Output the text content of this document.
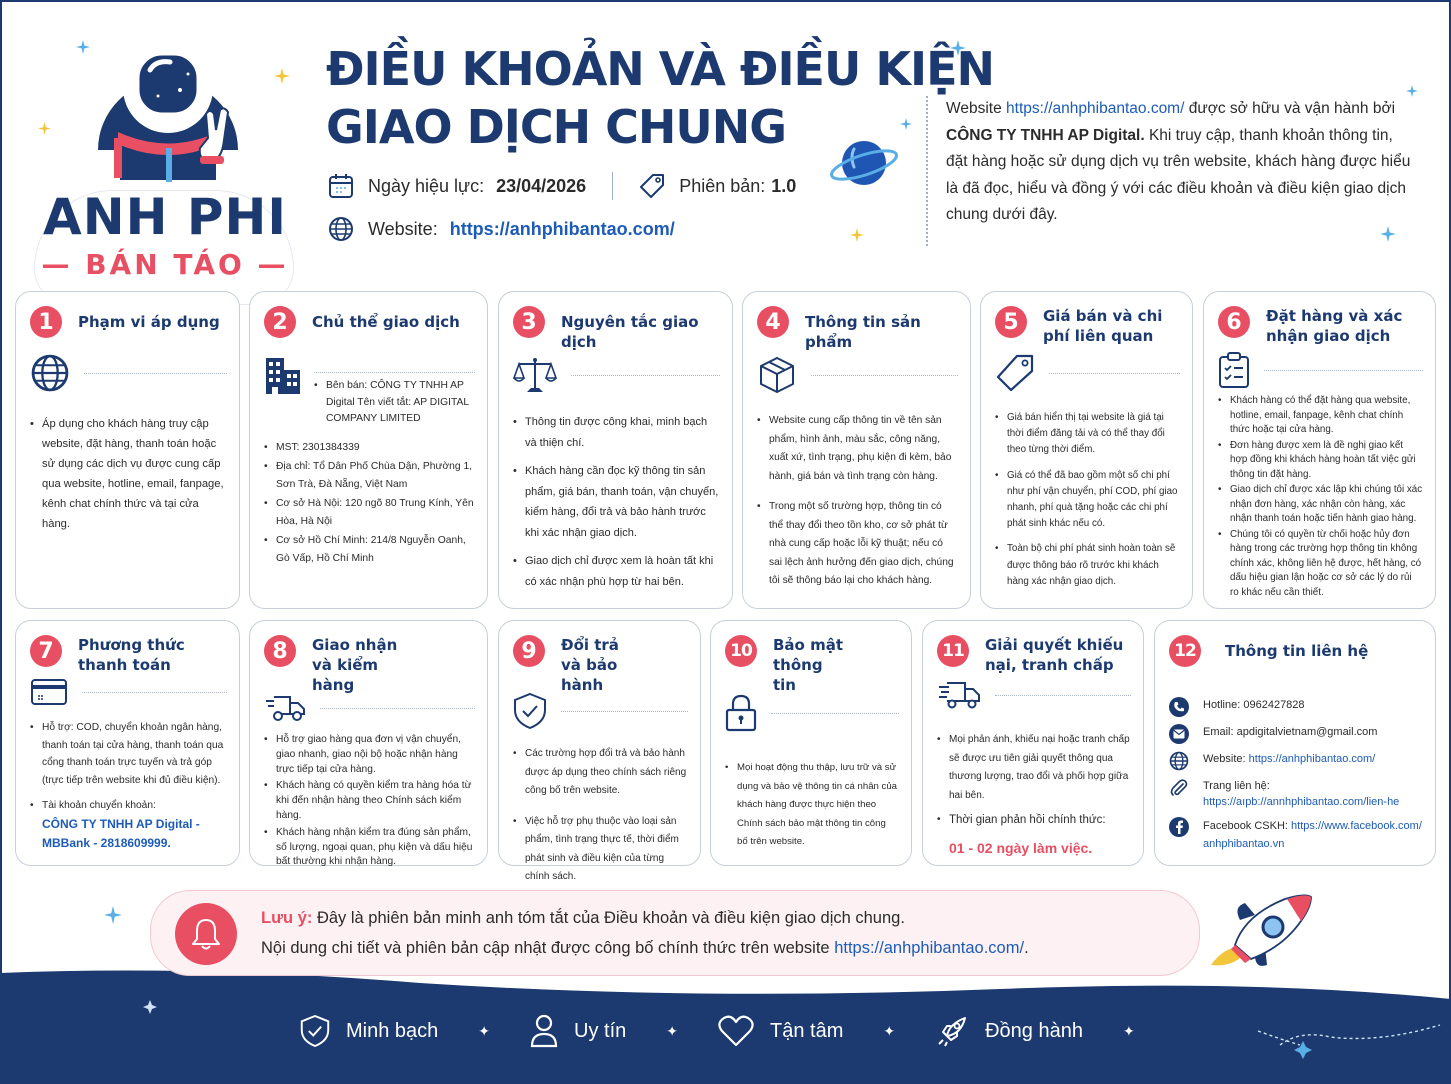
ANH PHI
— BÁN TÁO —
ĐIỀU KHOẢN VÀ ĐIỀU KIỆN
GIAO DỊCH CHUNG
Ngày hiệu lực: 23/04/2026	Phiên bản: 1.0
Website: https://anhphibantao.com/
Website https://anhphibantao.com/ được sở hữu và vận hành bởi CÔNG TY TNHH AP Digital. Khi truy cập, thanh khoản thông tin, đặt hàng hoặc sử dụng dịch vụ trên website, khách hàng được hiểu là đã đọc, hiểu và đồng ý với các điều khoản và điều kiện giao dịch chung dưới đây.
1	Phạm vi áp dụng
• Áp dụng cho khách hàng truy cập website, đặt hàng, thanh toán hoặc sử dụng các dịch vụ được cung cấp qua website, hotline, email, fanpage, kênh chat chính thức và tại cửa hàng.
2	Chủ thể giao dịch
• Bên bán: CÔNG TY TNHH AP Digital Tên viết tắt: AP DIGITAL COMPANY LIMITED
• MST: 2301384339
• Địa chỉ: Tổ Dân Phố Chùa Dận, Phường 1, Sơn Trà, Đà Nẵng, Việt Nam
• Cơ sở Hà Nội: 120 ngõ 80 Trung Kính, Yên Hòa, Hà Nội
• Cơ sở Hồ Chí Minh: 214/8 Nguyễn Oanh, Gò Vấp, Hồ Chí Minh
3	Nguyên tắc giao dịch
• Thông tin được công khai, minh bạch và thiện chí.
• Khách hàng cần đọc kỹ thông tin sản phẩm, giá bán, thanh toán, vận chuyển, kiểm hàng, đổi trả và bảo hành trước khi xác nhận giao dịch.
• Giao dịch chỉ được xem là hoàn tất khi có xác nhận phù hợp từ hai bên.
4	Thông tin sản phẩm
• Website cung cấp thông tin về tên sản phẩm, hình ảnh, màu sắc, công năng, xuất xứ, tình trạng, phụ kiện đi kèm, bảo hành, giá bán và tình trạng còn hàng.
• Trong một số trường hợp, thông tin có thể thay đổi theo tồn kho, cơ sở phát từ nhà cung cấp hoặc lỗi kỹ thuật; nếu có sai lệch ảnh hưởng đến giao dịch, chúng tôi sẽ thông báo lại cho khách hàng.
5	Giá bán và chi phí liên quan
• Giá bán hiển thị tại website là giá tại thời điểm đăng tải và có thể thay đổi theo từng thời điểm.
• Giá có thể đã bao gồm một số chi phí như phí vận chuyển, phí COD, phí giao nhanh, phí quà tặng hoặc các chi phí phát sinh khác nếu có.
• Toàn bộ chi phí phát sinh hoàn toàn sẽ được thông báo rõ trước khi khách hàng xác nhận giao dịch.
6	Đặt hàng và xác nhận giao dịch
• Khách hàng có thể đặt hàng qua website, hotline, email, fanpage, kênh chat chính thức hoặc tại cửa hàng.
• Đơn hàng được xem là đề nghị giao kết hợp đồng khi khách hàng hoàn tất việc gửi thông tin đặt hàng.
• Giao dịch chỉ được xác lập khi chúng tôi xác nhận đơn hàng, xác nhận còn hàng, xác nhận thanh toán hoặc tiến hành giao hàng.
• Chúng tôi có quyền từ chối hoặc hủy đơn hàng trong các trường hợp thông tin không chính xác, không liên hệ được, hết hàng, có dấu hiệu gian lận hoặc cơ sở các lý do rủi ro khác nếu cần thiết.
7	Phương thức thanh toán
• Hỗ trợ: COD, chuyển khoản ngân hàng, thanh toán tại cửa hàng, thanh toán qua cổng thanh toán trực tuyến và trả góp (trực tiếp trên website khi đủ điều kiện).
• Tài khoản chuyển khoản:
CÔNG TY TNHH AP Digital -
MBBank - 2818609999.
8	Giao nhận và kiểm hàng
• Hỗ trợ giao hàng qua đơn vị vận chuyển, giao nhanh, giao nội bộ hoặc nhận hàng trực tiếp tại cửa hàng.
• Khách hàng có quyền kiểm tra hàng hóa từ khi đến nhận hàng theo Chính sách kiểm hàng.
• Khách hàng nhận kiểm tra đúng sản phẩm, số lượng, ngoại quan, phụ kiện và dấu hiệu bất thường khi nhận hàng.
9	Đổi trả và bảo hành
• Các trường hợp đổi trả và bảo hành được áp dụng theo chính sách riêng công bố trên website.
• Việc hỗ trợ phụ thuộc vào loại sản phẩm, tình trạng thực tế, thời điểm phát sinh và điều kiện của từng chính sách.
10	Bảo mật thông tin
• Mọi hoạt động thu thập, lưu trữ và sử dụng và bảo vệ thông tin cá nhân của khách hàng được thực hiện theo Chính sách bảo mật thông tin công bố trên website.
11	Giải quyết khiếu nại, tranh chấp
• Mọi phản ánh, khiếu nại hoặc tranh chấp sẽ được ưu tiên giải quyết thông qua thương lượng, trao đổi và phối hợp giữa hai bên.
• Thời gian phản hồi chính thức:
01 - 02 ngày làm việc.
12	Thông tin liên hệ
Hotline: 0962427828
Email: apdigitalvietnam@gmail.com
Website: https://anhphibantao.com/
Trang liên hệ:
https://aıpb://annhphibantao.com/lien-he
Facebook CSKH: https://www.facebook.com/
anhphibantao.vn
Lưu ý: Đây là phiên bản minh anh tóm tắt của Điều khoản và điều kiện giao dịch chung.
Nội dung chi tiết và phiên bản cập nhật được công bố chính thức trên website https://anhphibantao.com/.
Minh bạch	✦	Uy tín	✦	Tận tâm	✦	Đồng hành	✦
